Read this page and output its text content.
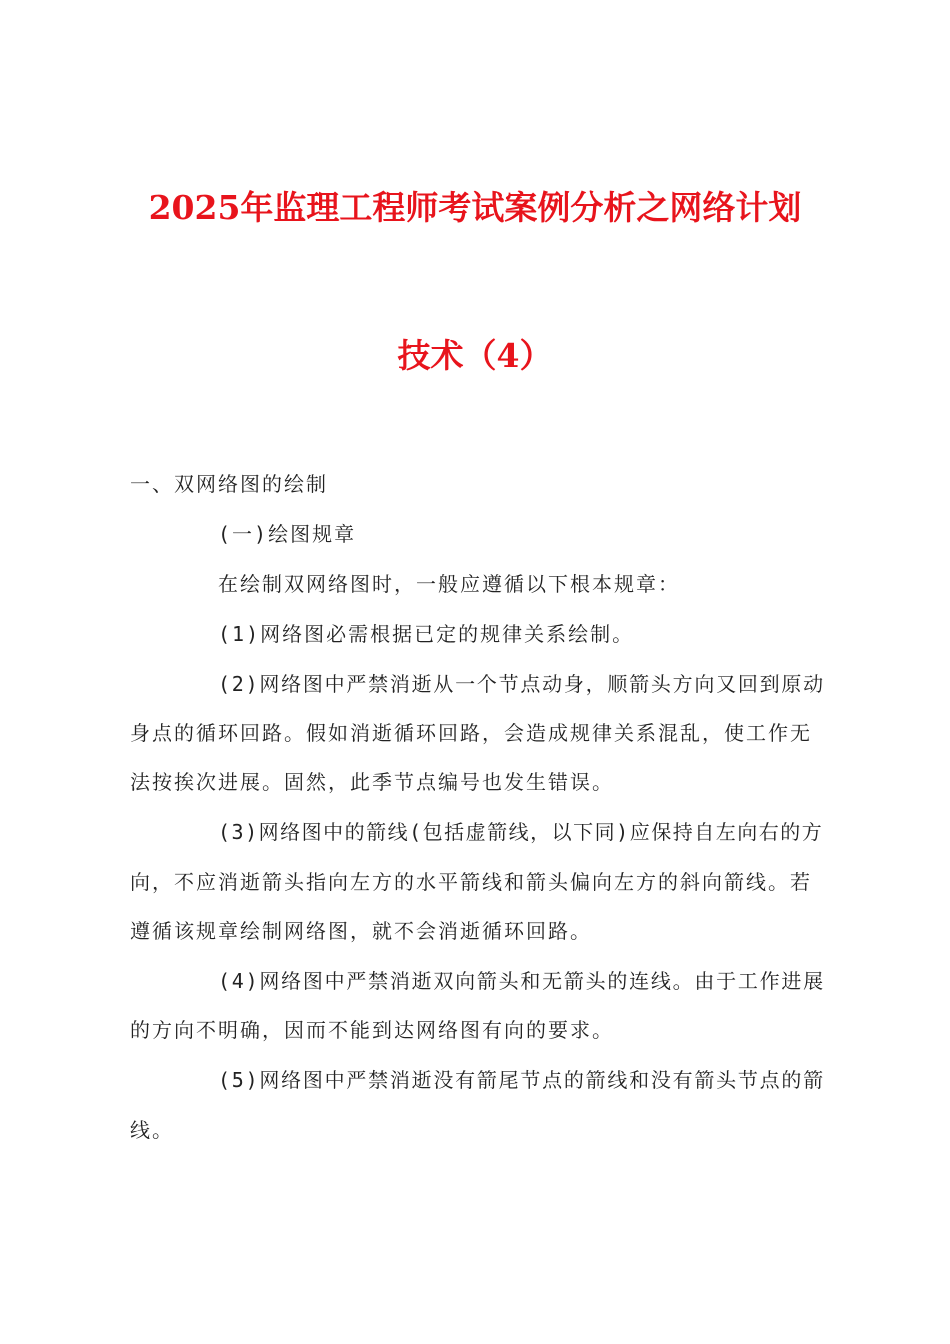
2025年监理工程师考试案例分析之网络计划
技术（4）
一、双网络图的绘制
(一)绘图规章
在绘制双网络图时，一般应遵循以下根本规章：
(1)网络图必需根据已定的规律关系绘制。
(2)网络图中严禁消逝从一个节点动身，顺箭头方向又回到原动
身点的循环回路。假如消逝循环回路，会造成规律关系混乱，使工作无
法按挨次进展。固然，此季节点编号也发生错误。
(3)网络图中的箭线(包括虚箭线，以下同)应保持自左向右的方
向，不应消逝箭头指向左方的水平箭线和箭头偏向左方的斜向箭线。若
遵循该规章绘制网络图，就不会消逝循环回路。
(4)网络图中严禁消逝双向箭头和无箭头的连线。由于工作进展
的方向不明确，因而不能到达网络图有向的要求。
(5)网络图中严禁消逝没有箭尾节点的箭线和没有箭头节点的箭
线。
